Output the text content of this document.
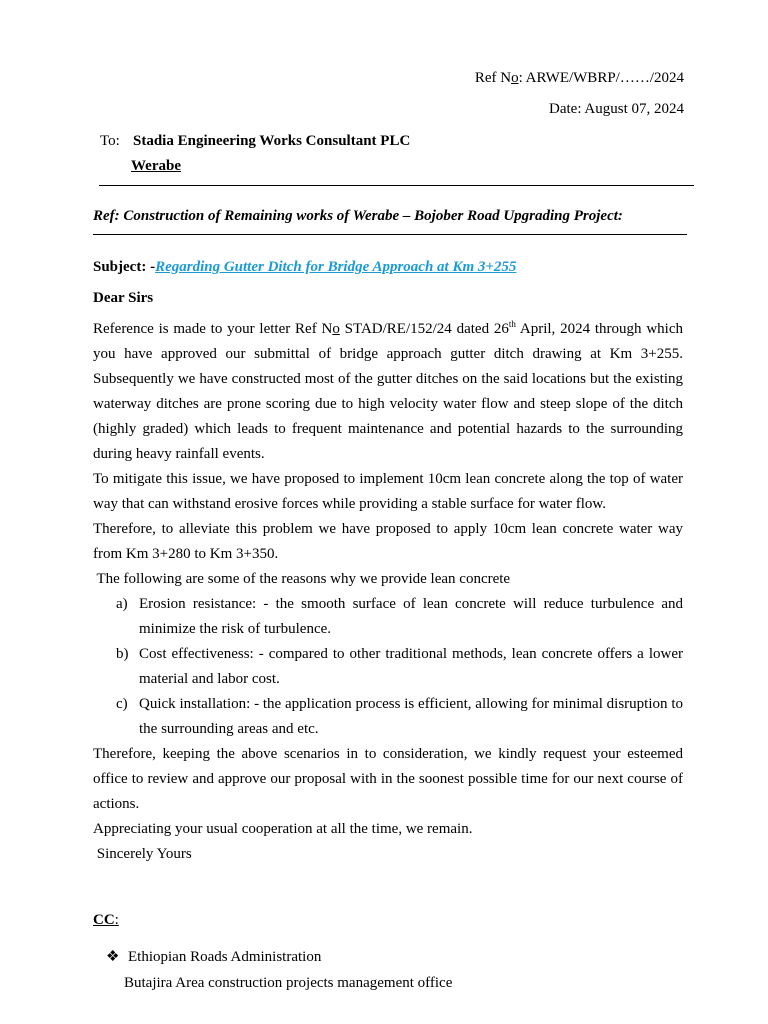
Ref No: ARWE/WBRP/……/2024
Date: August 07, 2024
To: Stadia Engineering Works Consultant PLC
Werabe
Ref: Construction of Remaining works of Werabe – Bojober Road Upgrading Project:
Subject: -Regarding Gutter Ditch for Bridge Approach at Km 3+255
Dear Sirs
Reference is made to your letter Ref No STAD/RE/152/24 dated 26th April, 2024 through which you have approved our submittal of bridge approach gutter ditch drawing at Km 3+255. Subsequently we have constructed most of the gutter ditches on the said locations but the existing waterway ditches are prone scoring due to high velocity water flow and steep slope of the ditch (highly graded) which leads to frequent maintenance and potential hazards to the surrounding during heavy rainfall events.
To mitigate this issue, we have proposed to implement 10cm lean concrete along the top of water way that can withstand erosive forces while providing a stable surface for water flow.
Therefore, to alleviate this problem we have proposed to apply 10cm lean concrete water way from Km 3+280 to Km 3+350.
The following are some of the reasons why we provide lean concrete
a) Erosion resistance: - the smooth surface of lean concrete will reduce turbulence and minimize the risk of turbulence.
b) Cost effectiveness: - compared to other traditional methods, lean concrete offers a lower material and labor cost.
c) Quick installation: - the application process is efficient, allowing for minimal disruption to the surrounding areas and etc.
Therefore, keeping the above scenarios in to consideration, we kindly request your esteemed office to review and approve our proposal with in the soonest possible time for our next course of actions.
Appreciating your usual cooperation at all the time, we remain.
Sincerely Yours
CC:
❖ Ethiopian Roads Administration
Butajira Area construction projects management office
